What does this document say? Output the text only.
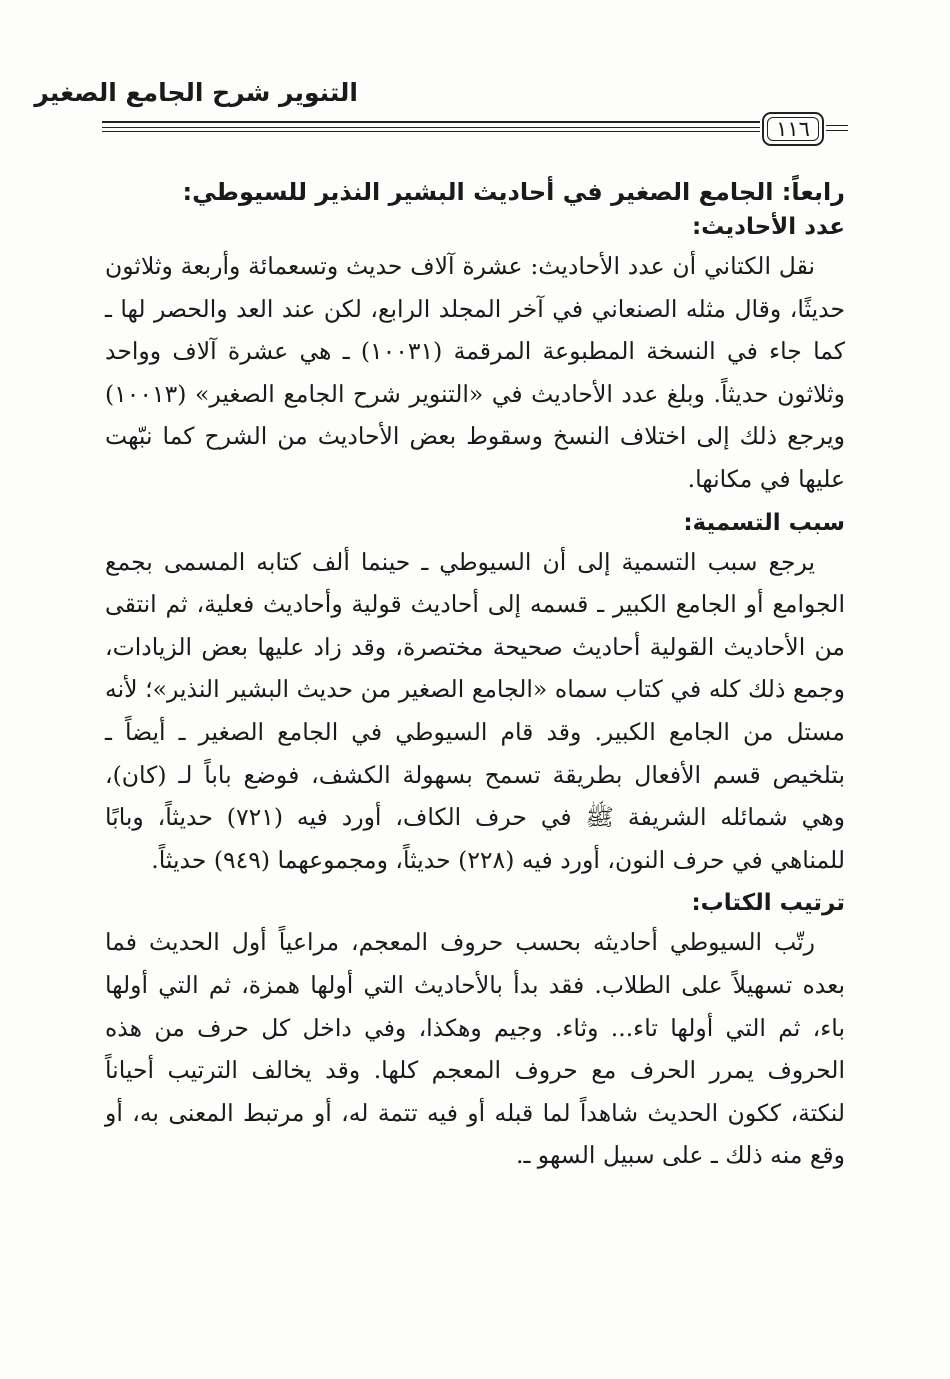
التنوير شرح الجامع الصغير
١١٦
رابعاً: الجامع الصغير في أحاديث البشير النذير للسيوطي:
عدد الأحاديث:

نقل الكتاني أن عدد الأحاديث: عشرة آلاف حديث وتسعمائة وأربعة وثلاثون حديثًا، وقال مثله الصنعاني في آخر المجلد الرابع، لكن عند العد والحصر لها ـ كما جاء في النسخة المطبوعة المرقمة (١٠٠٣١) ـ هي عشرة آلاف وواحد وثلاثون حديثاً. وبلغ عدد الأحاديث في «التنوير شرح الجامع الصغير» (١٠٠١٣) ويرجع ذلك إلى اختلاف النسخ وسقوط بعض الأحاديث من الشرح كما نبّهت عليها في مكانها.

سبب التسمية:

يرجع سبب التسمية إلى أن السيوطي ـ حينما ألف كتابه المسمى بجمع الجوامع أو الجامع الكبير ـ قسمه إلى أحاديث قولية وأحاديث فعلية، ثم انتقى من الأحاديث القولية أحاديث صحيحة مختصرة، وقد زاد عليها بعض الزيادات، وجمع ذلك كله في كتاب سماه «الجامع الصغير من حديث البشير النذير»؛ لأنه مستل من الجامع الكبير. وقد قام السيوطي في الجامع الصغير ـ أيضاً ـ بتلخيص قسم الأفعال بطريقة تسمح بسهولة الكشف، فوضع باباً لـ (كان)، وهي شمائله الشريفة ﷺ في حرف الكاف، أورد فيه (٧٢١) حديثاً، وبابًا للمناهي في حرف النون، أورد فيه (٢٢٨) حديثاً، ومجموعهما (٩٤٩) حديثاً.

ترتيب الكتاب:

رتّب السيوطي أحاديثه بحسب حروف المعجم، مراعياً أول الحديث فما بعده تسهيلاً على الطلاب. فقد بدأ بالأحاديث التي أولها همزة، ثم التي أولها باء، ثم التي أولها تاء... وثاء. وجيم وهكذا، وفي داخل كل حرف من هذه الحروف يمرر الحرف مع حروف المعجم كلها. وقد يخالف الترتيب أحياناً لنكتة، ككون الحديث شاهداً لما قبله أو فيه تتمة له، أو مرتبط المعنى به، أو وقع منه ذلك ـ على سبيل السهو ـ.
